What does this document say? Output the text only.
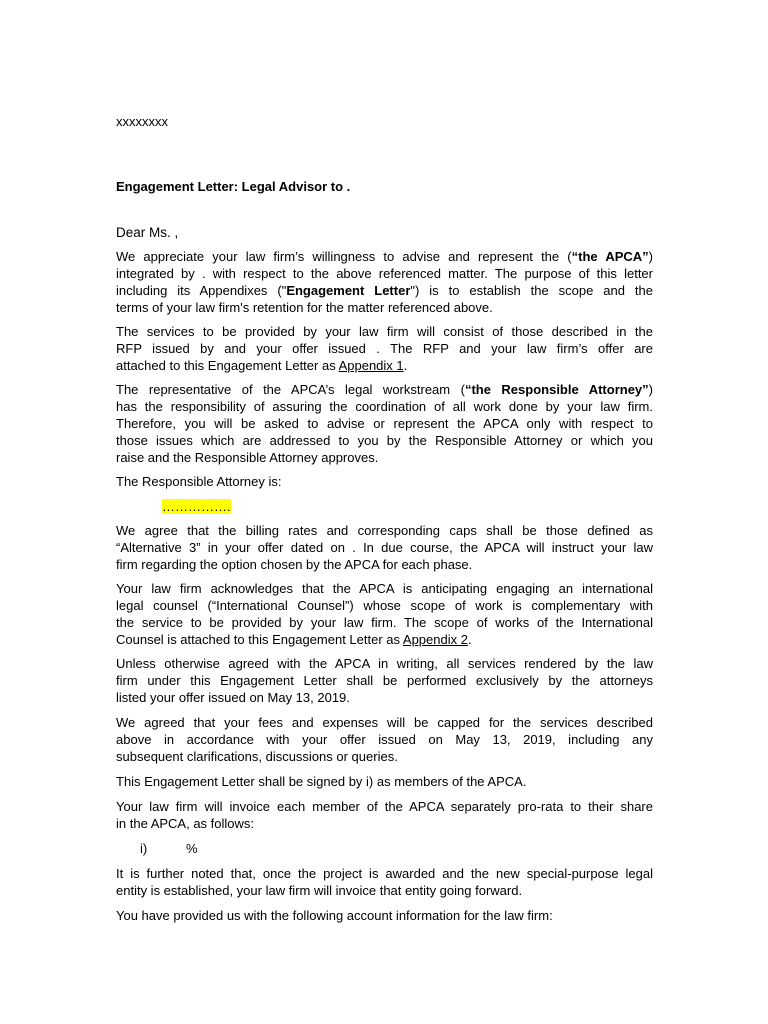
xxxxxxxx
Engagement Letter: Legal Advisor to .
Dear Ms. ,
We appreciate your law firm’s willingness to advise and represent the (“the APCA”)
integrated by . with respect to the above referenced matter. The purpose of this letter
including its Appendixes ("Engagement Letter") is to establish the scope and the
terms of your law firm's retention for the matter referenced above.
The services to be provided by your law firm will consist of those described in the
RFP issued by and your offer issued . The RFP and your law firm’s offer are
attached to this Engagement Letter as Appendix 1.
The representative of the APCA’s legal workstream (“the Responsible Attorney”)
has the responsibility of assuring the coordination of all work done by your law firm.
Therefore, you will be asked to advise or represent the APCA only with respect to
those issues which are addressed to you by the Responsible Attorney or which you
raise and the Responsible Attorney approves.
The Responsible Attorney is:
…………….
We agree that the billing rates and corresponding caps shall be those defined as
“Alternative 3” in your offer dated on . In due course, the APCA will instruct your law
firm regarding the option chosen by the APCA for each phase.
Your law firm acknowledges that the APCA is anticipating engaging an international
legal counsel (“International Counsel”) whose scope of work is complementary with
the service to be provided by your law firm. The scope of works of the International
Counsel is attached to this Engagement Letter as Appendix 2.
Unless otherwise agreed with the APCA in writing, all services rendered by the law
firm under this Engagement Letter shall be performed exclusively by the attorneys
listed your offer issued on May 13, 2019.
We agreed that your fees and expenses will be capped for the services described
above in accordance with your offer issued on May 13, 2019, including any
subsequent clarifications, discussions or queries.
This Engagement Letter shall be signed by i) as members of the APCA.
Your law firm will invoice each member of the APCA separately pro-rata to their share
in the APCA, as follows:
i)	%
It is further noted that, once the project is awarded and the new special-purpose legal
entity is established, your law firm will invoice that entity going forward.
You have provided us with the following account information for the law firm:
